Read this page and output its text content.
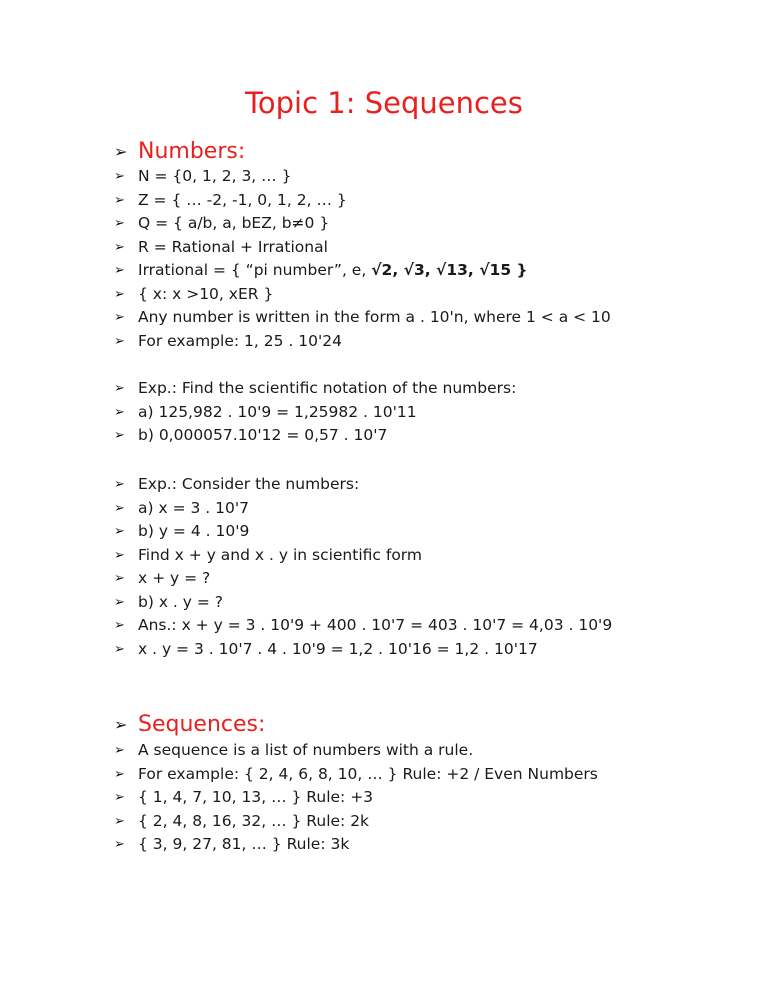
Topic 1: Sequences
➢ Numbers:
➢ N = {0, 1, 2, 3, … }
➢ Z = { … -2, -1, 0, 1, 2, … }
➢ Q = { a/b, a, bEZ, b≠0 }
➢ R = Rational + Irrational
➢ Irrational = { “pi number”, e, √2, √3, √13, √15 }
➢ { x: x >10, xER }
➢ Any number is written in the form a . 10'n, where 1 < a < 10
➢ For example: 1, 25 . 10'24
➢ Exp.: Find the scientific notation of the numbers:
➢ a) 125,982 . 10'9 = 1,25982 . 10'11
➢ b) 0,000057.10'12 = 0,57 . 10'7
➢ Exp.: Consider the numbers:
➢ a) x = 3 . 10'7
➢ b) y = 4 . 10'9
➢ Find x + y and x . y in scientific form
➢ x + y = ?
➢ b) x . y = ?
➢ Ans.: x + y = 3 . 10'9 + 400 . 10'7 = 403 . 10'7 = 4,03 . 10'9
➢ x . y = 3 . 10'7 . 4 . 10'9 = 1,2 . 10'16 = 1,2 . 10'17
➢ Sequences:
➢ A sequence is a list of numbers with a rule.
➢ For example: { 2, 4, 6, 8, 10, … } Rule: +2 / Even Numbers
➢ { 1, 4, 7, 10, 13, … } Rule: +3
➢ { 2, 4, 8, 16, 32, … } Rule: 2k
➢ { 3, 9, 27, 81, … } Rule: 3k
